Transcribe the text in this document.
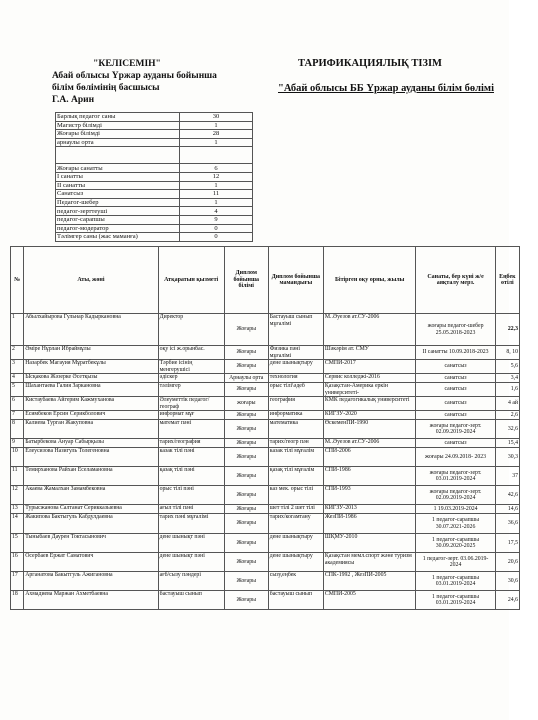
"КЕЛІСЕМІН"
Абай облысы Үржар ауданы бойынша
білім бөлімінің басшысы
Г.А. Арин
ТАРИФИКАЦИЯЛЫҚ ТІЗІМ
"Абай облысы ББ Үржар ауданы білім бөлімі
Барлық педагог саны	30
Магистр білімді	1
Жоғары білімді	28
арнаулы орта	1

Жоғары санатты	6
I санатты	12
II санатты	1
Санатсыз	11
Педагог-шебер	1
педагог-зерттеуші	4
педагог-сарапшы	9
педагог-модератор	0
Тәлімгер саны (жас маманға)	0
№	Аты, жөні	Атқаратын қызметі	Диплом бойынша білімі	Диплом бойынша мамандығы	Бітірген оқу орны, жылы	Санаты, бер күні ж/е аяқталу мерз.	Еңбек өтілі
1	Абылхайырова Гульнар Кадыркановна	Директор	Жоғары	Бастауыш сынып мұғалімі	М..Әуезов ат.СУ-2006	жоғары педагог-шебер 25.05.2018-2023	22,3
2	Әміре Нұрлан Ибраймұлы	оқу ісі ж.орынбас.	Жоғары	Физика пәні мұғалімі	Шәкәрім ат. СМУ	II санатты 10.09.2018-2023	8, 10
3	Назарбек Магауия Мұратбекұлы	Тәрбие ісінің менгерушісі	Жоғары	дене шынықтыру	СМПИ-2017	санатсыз	5,6
4	Ысқакова Жәзерке Әсетқызы	әдіскер	Арнаулы орта	технология	Сервис колледжі-2016	санатсыз	3,4
5	Шахантаева Галия Заркановна	тәлімгер	Жоғары	орыс тілі\әдеб	Қазақстан-Америка еркін университеті-	санатсыз	1,6
6	Кистаубаева Айгерим Кажмуханова	Әлеуметтік педагог/географ	жоғары	география	КМК педагогикалық университеті	санатсыз	4 ай
7	Есимбеков Ерсин Серикболович	информат мұғ	Жоғары	информатика	КИГЗУ-2020	санатсыз	2,6
8	Калиева Турган Жакуповна	математ пәні	Жоғары	математика	ӨскеменПИ-1990	жоғары педагог-зерт. 02.09.2019-2024	32,6
9	Батырбекова Ануар Сабырқызы	тарих/география	Жоғары	тарих/геогр пән	М..Әуезов ат.СУ-2006	санатсыз	15,4
10	Елеусизова Назигуль Толегеновна	казак тілі пәні	Жоғары	казак тілі мұғалім	СПИ-2006	жоғары 24.09.2018- 2023	30,3
11	Темирханова Райхан Еселамановна	қазақ тілі пәні	Жоғары	қазақ тілі мұғалім	СПИ-1986	жоғары педагог-зерт. 03.01.2019-2024	37
12	Акаева Жамалхан Замамбековна	орыс тілі пәні	Жоғары	каз мек. орыс тілі	СПИ-1993	жоғары педагог-зерт. 02.09.2019-2024	42,6
13	Турысжанова Салтанат Серикказыевна	ағыл тілі пәні	Жоғары	шет тілі 2 шет тілі	КИГЗУ-2013	1 19.03.2019-2024	14,6
14	Жакипова Бактыгуль Кабдулдаевна	тарих пәні мұғалімі	Жоғары	тарих/когамтану	ЖезПИ-1986	1 педагог-сарапшы 30.07.2021-2026	36,6
15	Тыныбаев Даурен Токтасынович	дене шынықт пәні	Жоғары	дене шынықтыру	ШҚМУ-2010	1 педагог-сарапшы 30.09.2020-2025	17,5
16	Осербаев Ержат Саматович	дене шынықт пәні	Жоғары	дене шынықтыру	Қазақстан мемл.спорт және туризм академиясы	1 педагог-зерт. 03.06.2019-2024	20,6
17	Арганатова Бакытгуль Ажигановна	ағб/сызу пәндері	Жоғары	сызу,еңбек	СПК-1992 , ЖезПИ-2005	1 педагог-сарапшы 03.01.2019-2024	30,6
18	Ахмадиева Маржан Ахметбаевна	бастауыш сынып	Жоғары	бастауыш сынып	СМПИ-2005	1 педагог-сарапшы 03.01.2019-2024	24,6
